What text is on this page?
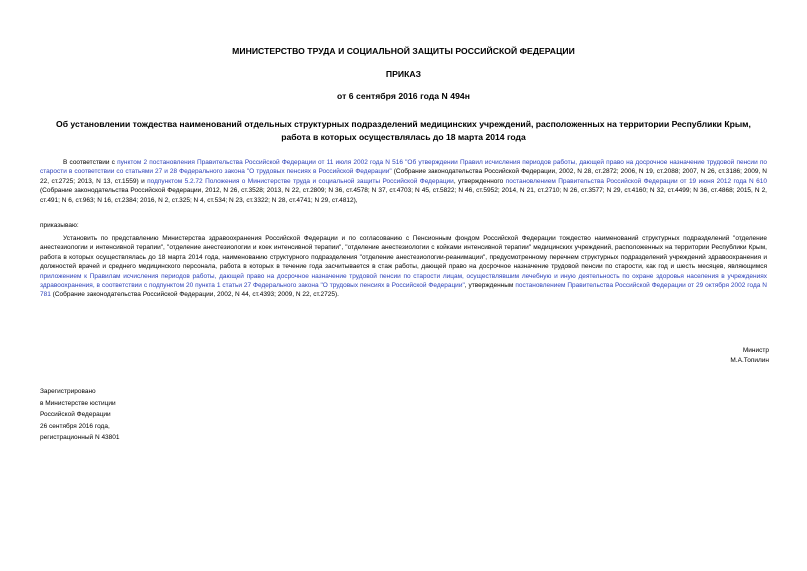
МИНИСТЕРСТВО ТРУДА И СОЦИАЛЬНОЙ ЗАЩИТЫ РОССИЙСКОЙ ФЕДЕРАЦИИ
ПРИКАЗ
от 6 сентября 2016 года N 494н
Об установлении тождества наименований отдельных структурных подразделений медицинских учреждений, расположенных на территории Республики Крым,
работа в которых осуществлялась до 18 марта 2014 года
В соответствии с пунктом 2 постановления Правительства Российской Федерации от 11 июля 2002 года N 516 "Об утверждении Правил исчисления периодов работы, дающей право на досрочное назначение трудовой пенсии по старости в соответствии со статьями 27 и 28 Федерального закона "О трудовых пенсиях в Российской Федерации" (Собрание законодательства Российской Федерации, 2002, N 28, ст.2872; 2006, N 19, ст.2088; 2007, N 26, ст.3186; 2009, N 22, ст.2725; 2013, N 13, ст.1559) и подпунктом 5.2.72 Положения о Министерстве труда и социальной защиты Российской Федерации, утвержденного постановлением Правительства Российской Федерации от 19 июня 2012 года N 610 (Собрание законодательства Российской Федерации, 2012, N 26, ст.3528; 2013, N 22, ст.2809; N 36, ст.4578; N 37, ст.4703; N 45, ст.5822; N 46, ст.5952; 2014, N 21, ст.2710; N 26, ст.3577; N 29, ст.4160; N 32, ст.4499; N 36, ст.4868; 2015, N 2, ст.491; N 6, ст.963; N 16, ст.2384; 2016, N 2, ст.325; N 4, ст.534; N 23, ст.3322; N 28, ст.4741; N 29, ст.4812),
приказываю:
Установить по представлению Министерства здравоохранения Российской Федерации и по согласованию с Пенсионным фондом Российской Федерации тождество наименований структурных подразделений "отделение анестезиологии и интенсивной терапии", "отделение анестезиологии и коек интенсивной терапии", "отделение анестезиологии с койками интенсивной терапии" медицинских учреждений, расположенных на территории Республики Крым, работа в которых осуществлялась до 18 марта 2014 года, наименованию структурного подразделения "отделение анестезиологии-реанимации", предусмотренному перечнем структурных подразделений учреждений здравоохранения и должностей врачей и среднего медицинского персонала, работа в которых в течение года засчитывается в стаж работы, дающей право на досрочное назначение трудовой пенсии по старости, как год и шесть месяцев, являющимся приложением к Правилам исчисления периодов работы, дающей право на досрочное назначение трудовой пенсии по старости лицам, осуществлявшим лечебную и иную деятельность по охране здоровья населения в учреждениях здравоохранения, в соответствии с подпунктом 20 пункта 1 статьи 27 Федерального закона "О трудовых пенсиях в Российской Федерации", утвержденным постановлением Правительства Российской Федерации от 29 октября 2002 года N 781 (Собрание законодательства Российской Федерации, 2002, N 44, ст.4393; 2009, N 22, ст.2725).
Министр
М.А.Топилин
Зарегистрировано
в Министерстве юстиции
Российской Федерации
26 сентября 2016 года,
регистрационный N 43801
